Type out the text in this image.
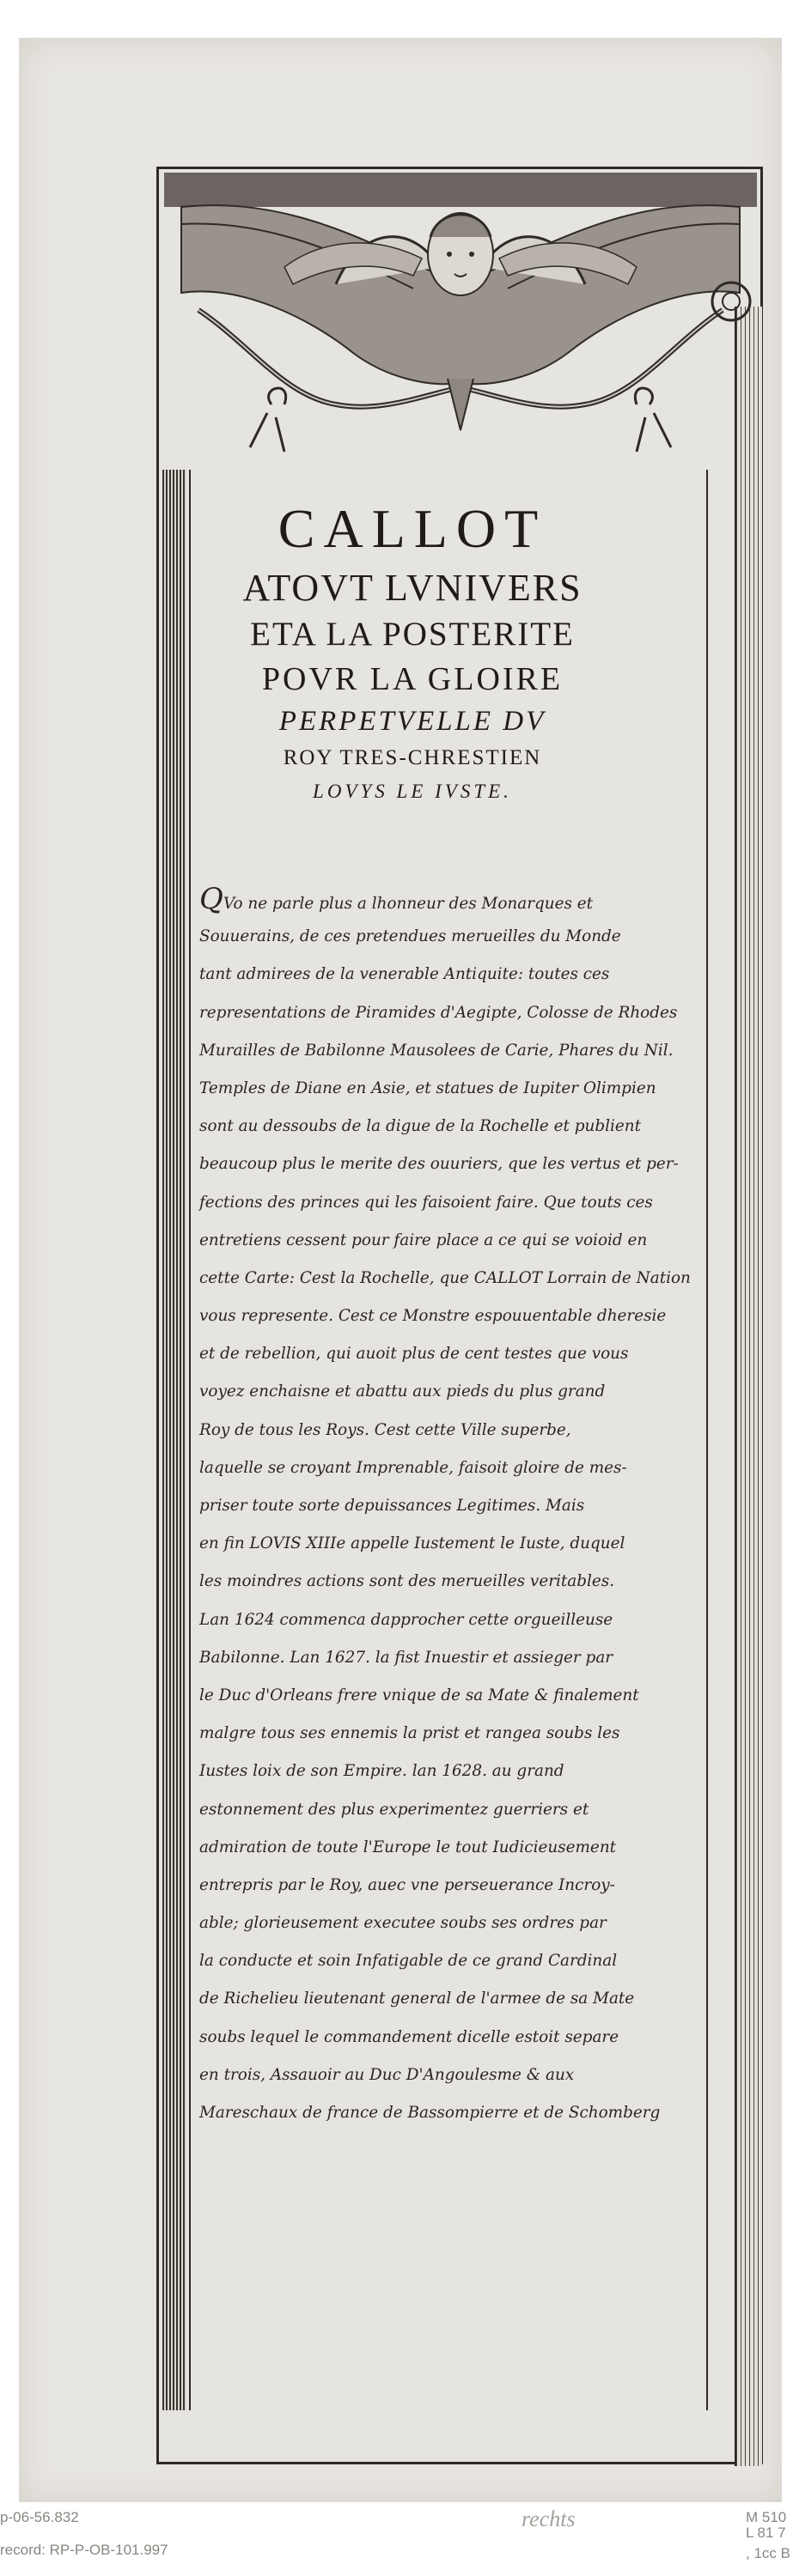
rechts
CALLOT
ATOVT LVNIVERS
ETA LA POSTERITE
POVR LA GLOIRE
PERPETVELLE DV
ROY TRES-CHRESTIEN
LOVYS LE IVSTE.
QVo ne parle plus a lhonneur des Monarques et
Souuerains, de ces pretendues merueilles du Monde
tant admirees de la venerable Antiquite: toutes ces
representations de Piramides d'Aegipte, Colosse de Rhodes
Murailles de Babilonne Mausolees de Carie, Phares du Nil.
Temples de Diane en Asie, et statues de Iupiter Olimpien
sont au dessoubs de la digue de la Rochelle et publient
beaucoup plus le merite des ouuriers, que les vertus et per-
fections des princes qui les faisoient faire. Que touts ces
entretiens cessent pour faire place a ce qui se voioid en
cette Carte: Cest la Rochelle, que CALLOT Lorrain de Nation
vous represente. Cest ce Monstre espouuentable dheresie
et de rebellion, qui auoit plus de cent testes que vous
voyez enchaisne et abattu aux pieds du plus grand
Roy de tous les Roys. Cest cette Ville superbe,
laquelle se croyant Imprenable, faisoit gloire de mes-
priser toute sorte depuissances Legitimes. Mais
en fin LOVIS XIIIe appelle Iustement le Iuste, duquel
les moindres actions sont des merueilles veritables.
Lan 1624 commenca dapprocher cette orgueilleuse
Babilonne. Lan 1627. la fist Inuestir et assieger par
le Duc d'Orleans frere vnique de sa Mate & finalement
malgre tous ses ennemis la prist et rangea soubs les
Iustes loix de son Empire. lan 1628. au grand
estonnement des plus experimentez guerriers et
admiration de toute l'Europe le tout Iudicieusement
entrepris par le Roy, auec vne perseuerance Incroy-
able; glorieusement executee soubs ses ordres par
la conducte et soin Infatigable de ce grand Cardinal
de Richelieu lieutenant general de l'armee de sa Mate
soubs lequel le commandement dicelle estoit separe
en trois, Assauoir au Duc D'Angoulesme & aux
Mareschaux de france de Bassompierre et de Schomberg
p-06-56.832
record: RP-P-OB-101.997
M 510
L 81 7
, 1cc B
